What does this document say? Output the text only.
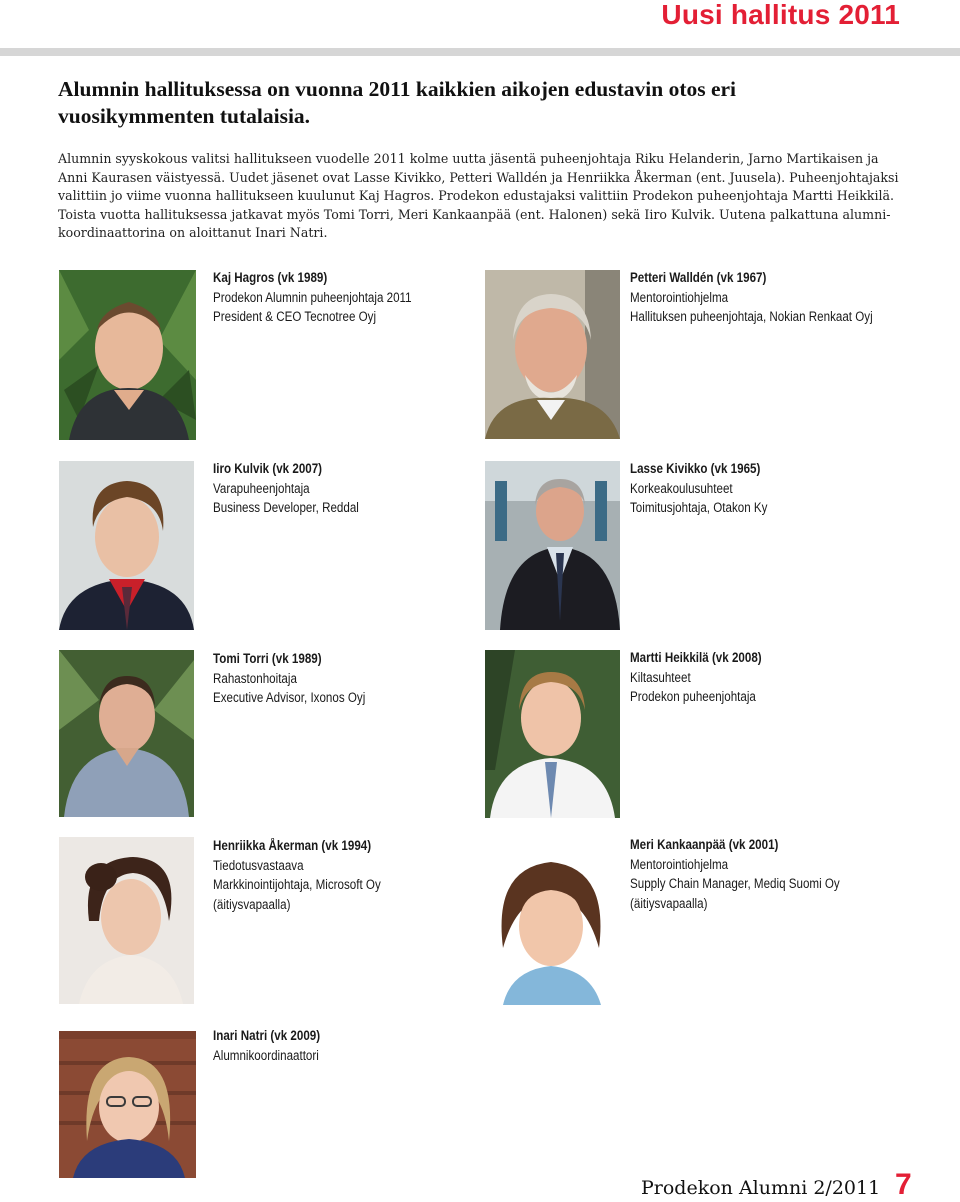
Uusi hallitus 2011
Alumnin hallituksessa on vuonna 2011 kaikkien aikojen edustavin otos eri vuosikymmenten tutalaisia.
Alumnin syyskokous valitsi hallitukseen vuodelle 2011 kolme uutta jäsentä puheenjohtaja Riku Helanderin, Jarno Martikaisen ja Anni Kaurasen väistyessä. Uudet jäsenet ovat Lasse Kivikko, Petteri Walldén ja Henriikka Åkerman (ent. Juusela). Puheenjohtajaksi valittiin jo viime vuonna hallitukseen kuulunut Kaj Hagros. Prodekon edustajaksi valittiin Prodekon puheenjohtaja Martti Heikkilä. Toista vuotta hallituksessa jatkavat myös Tomi Torri, Meri Kankaanpää (ent. Halonen) sekä Iiro Kulvik. Uutena palkattuna alumni-koordinaattorina on aloittanut Inari Natri.
Kaj Hagros (vk 1989)
Prodekon Alumnin puheenjohtaja 2011
President & CEO Tecnotree Oyj
Petteri Walldén (vk 1967)
Mentorointiohjelma
Hallituksen puheenjohtaja, Nokian Renkaat Oyj
Iiro Kulvik (vk 2007)
Varapuheenjohtaja
Business Developer, Reddal
Lasse Kivikko (vk 1965)
Korkeakoulusuhteet
Toimitusjohtaja, Otakon Ky
Tomi Torri (vk 1989)
Rahastonhoitaja
Executive Advisor, Ixonos Oyj
Martti Heikkilä (vk 2008)
Kiltasuhteet
Prodekon puheenjohtaja
Henriikka Åkerman (vk 1994)
Tiedotusvastaava
Markkinointijohtaja, Microsoft Oy
(äitiysvapaalla)
Meri Kankaanpää (vk 2001)
Mentorointiohjelma
Supply Chain Manager, Mediq Suomi Oy
(äitiysvapaalla)
Inari Natri (vk 2009)
Alumnikoordinaattori
Prodekon Alumni 2/2011 7
